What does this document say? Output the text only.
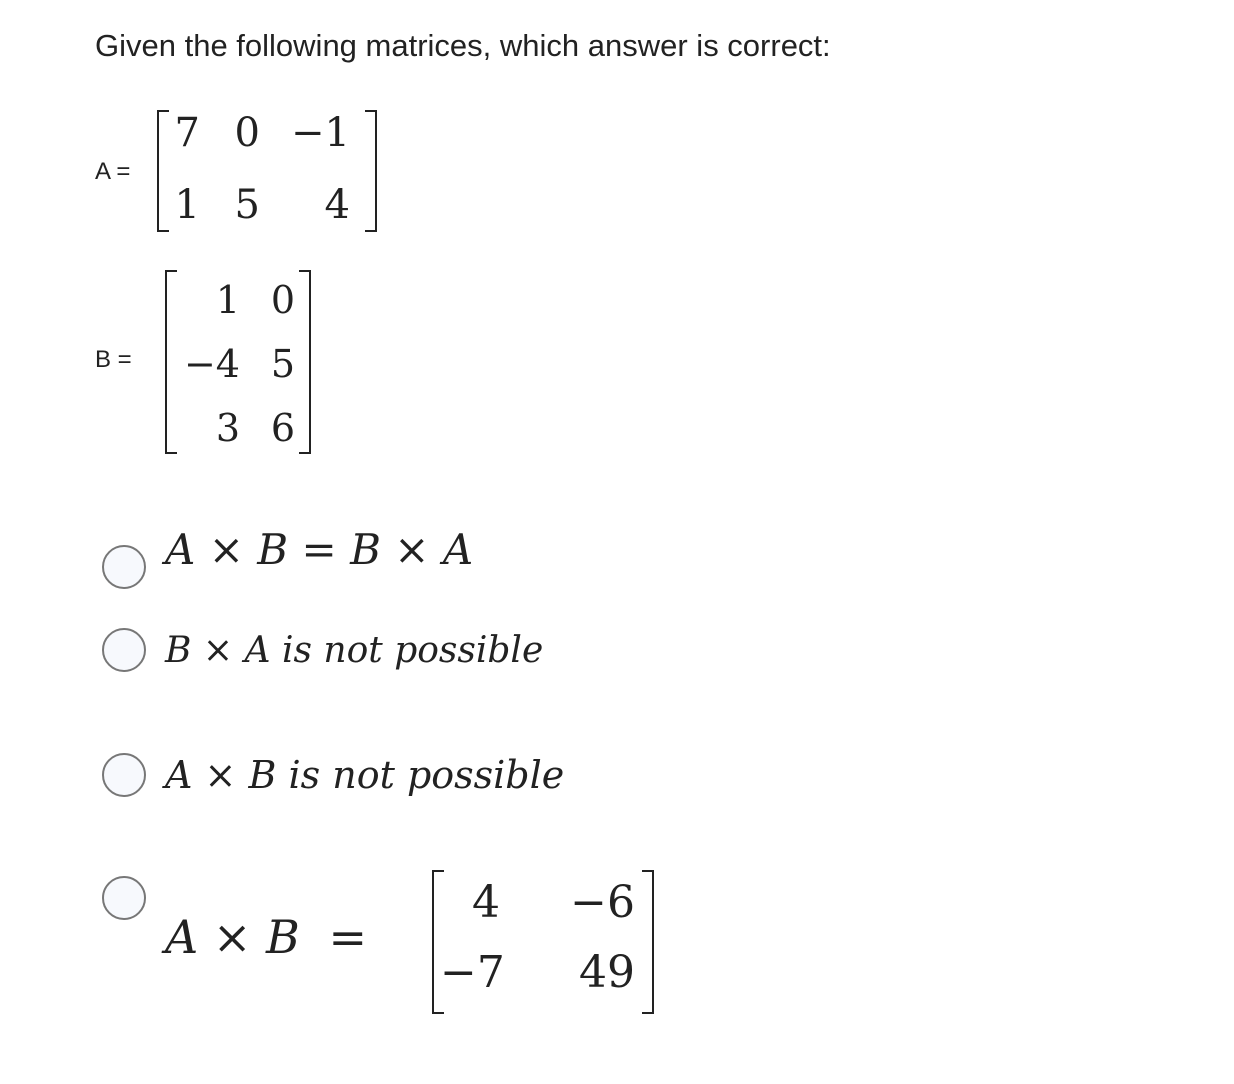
Given the following matrices, which answer is correct:
A =
7 0 −1
1 5	4
B =
1 0
−4 5
3 6
A × B = B × A
B × A is not possible
A × B is not possible
A × B =
4	−6
−7	49
